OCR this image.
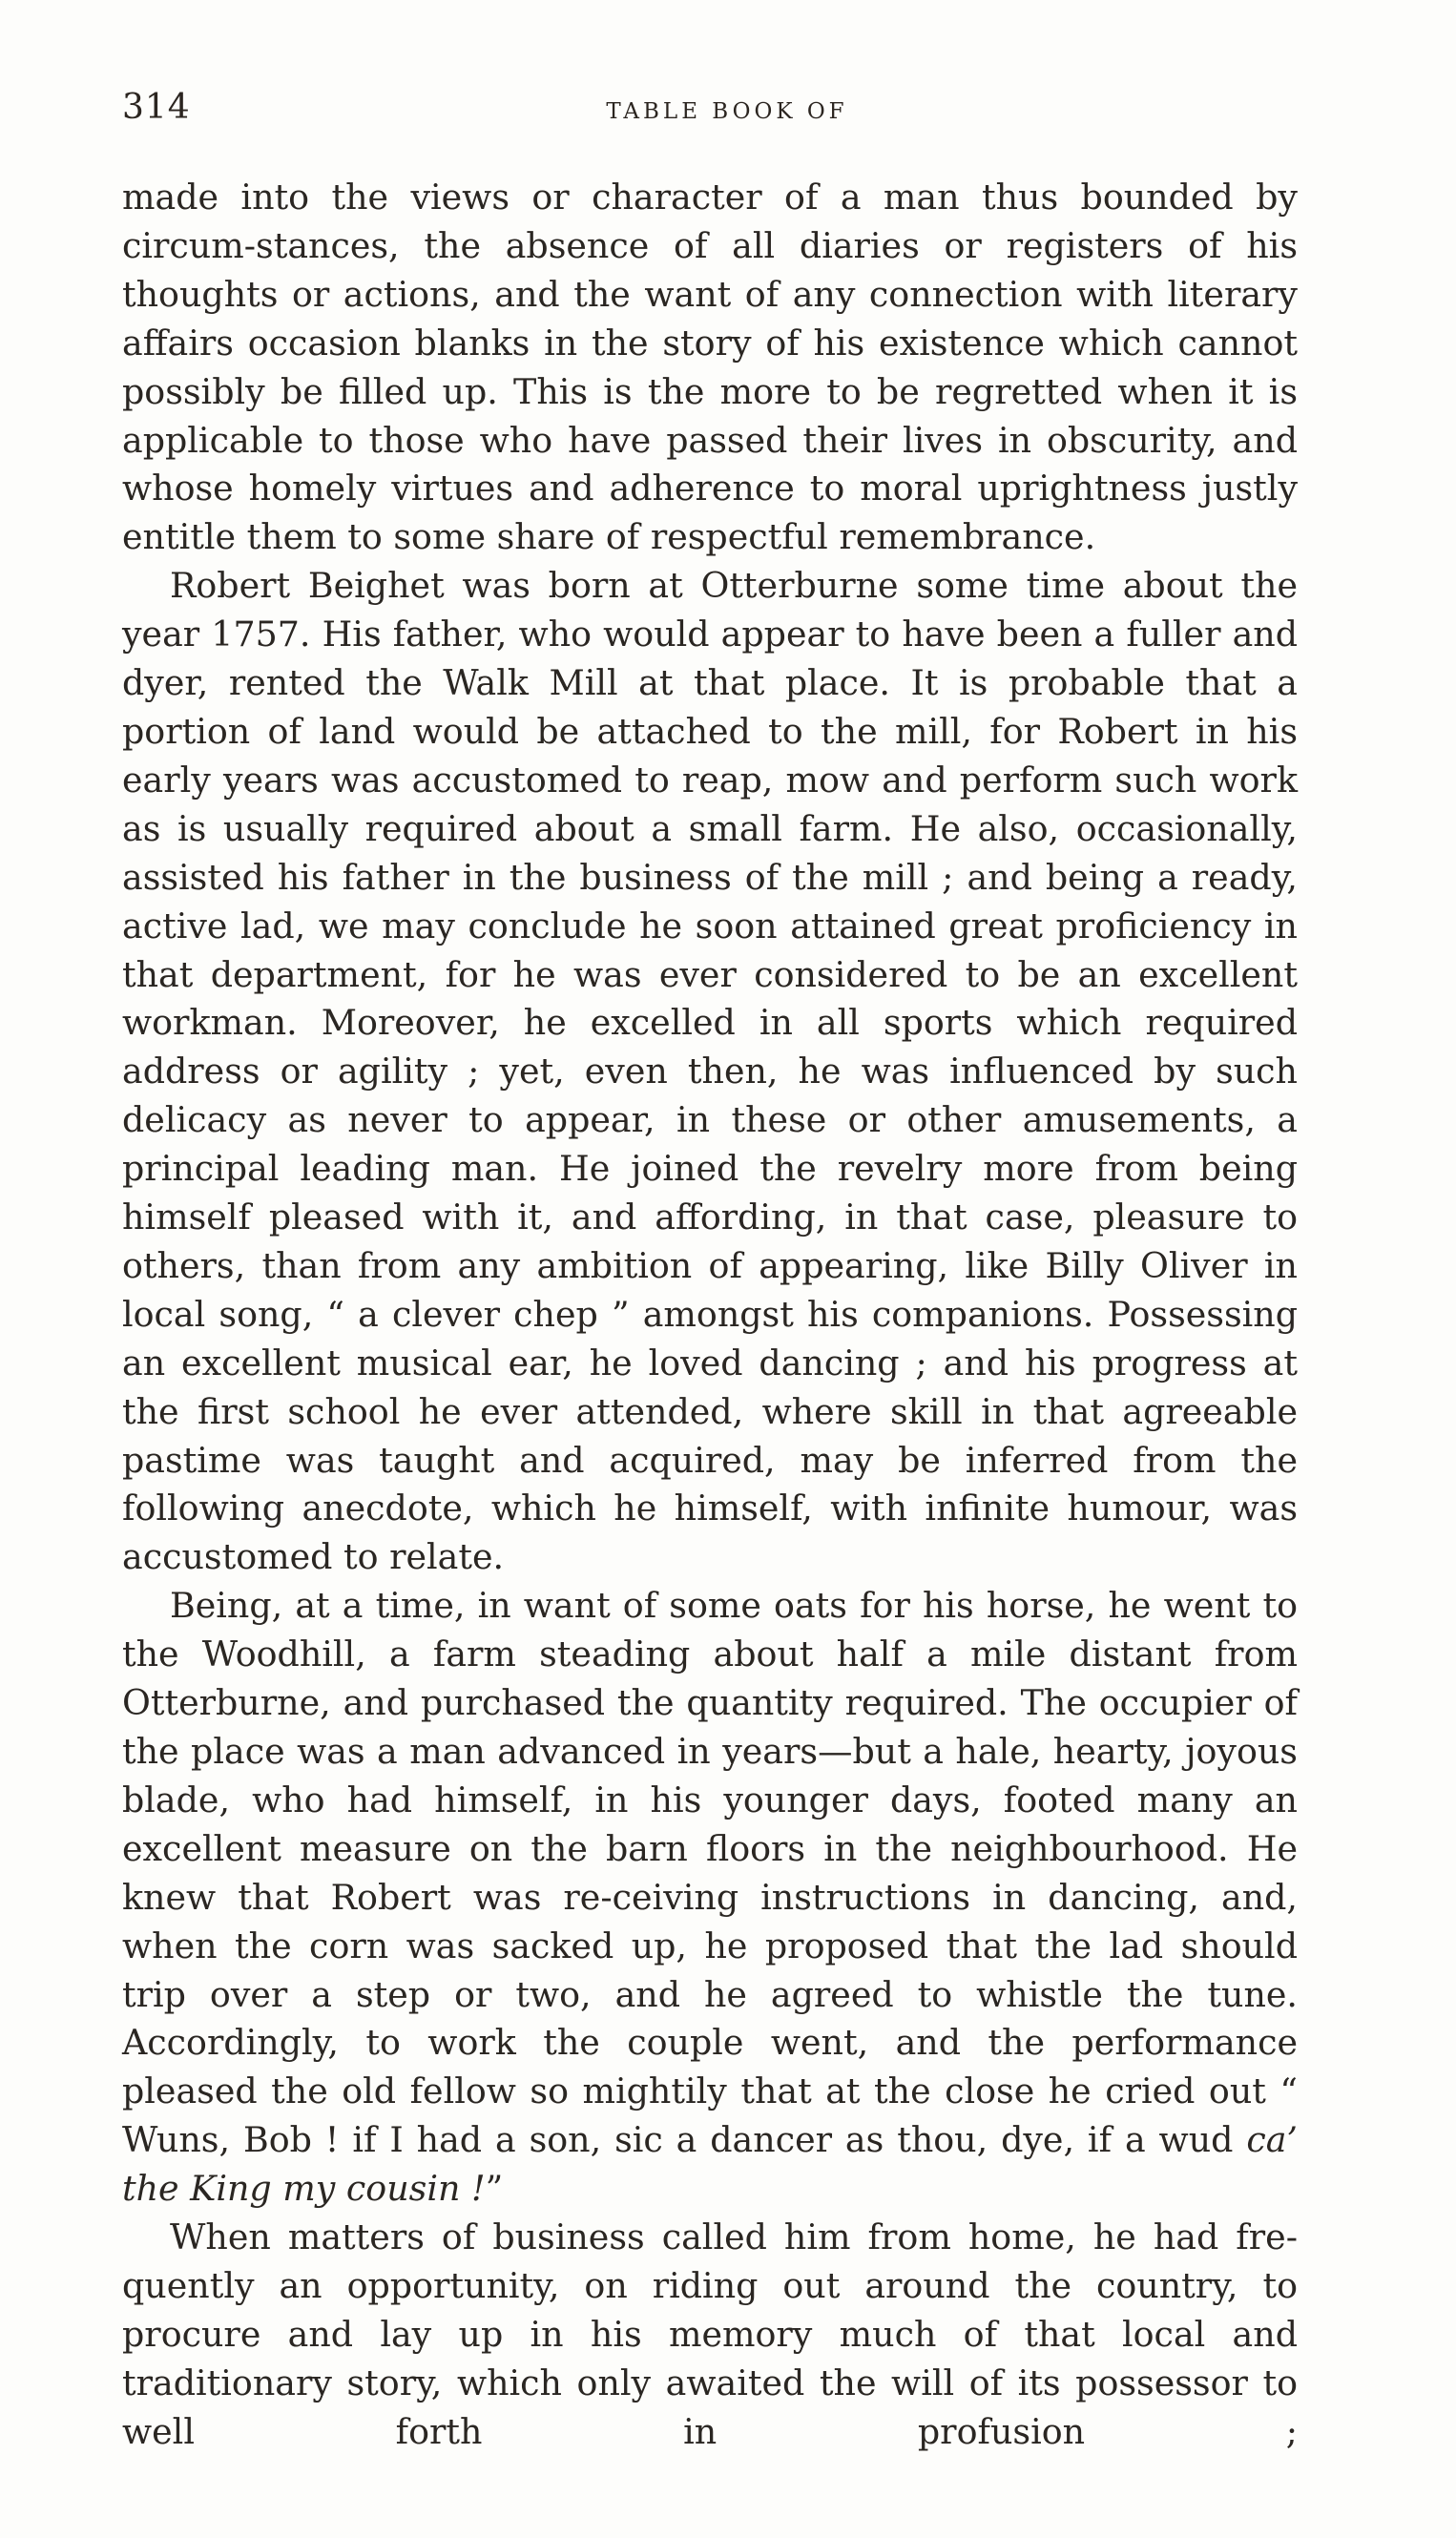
314	TABLE BOOK OF

made into the views or character of a man thus bounded by circum-stances, the absence of all diaries or registers of his thoughts or actions, and the want of any connection with literary affairs occasion blanks in the story of his existence which cannot possibly be filled up. This is the more to be regretted when it is applicable to those who have passed their lives in obscurity, and whose homely virtues and adherence to moral uprightness justly entitle them to some share of respectful remembrance.

Robert Beighet was born at Otterburne some time about the year 1757. His father, who would appear to have been a fuller and dyer, rented the Walk Mill at that place. It is probable that a portion of land would be attached to the mill, for Robert in his early years was accustomed to reap, mow and perform such work as is usually required about a small farm. He also, occasionally, assisted his father in the business of the mill ; and being a ready, active lad, we may conclude he soon attained great proficiency in that department, for he was ever considered to be an excellent workman. Moreover, he excelled in all sports which required address or agility ; yet, even then, he was influenced by such delicacy as never to appear, in these or other amusements, a principal leading man. He joined the revelry more from being himself pleased with it, and affording, in that case, pleasure to others, than from any ambition of appearing, like Billy Oliver in local song, “ a clever chep ” amongst his companions. Possessing an excellent musical ear, he loved dancing ; and his progress at the first school he ever attended, where skill in that agreeable pastime was taught and acquired, may be inferred from the following anecdote, which he himself, with infinite humour, was accustomed to relate.

Being, at a time, in want of some oats for his horse, he went to the Woodhill, a farm steading about half a mile distant from Otterburne, and purchased the quantity required. The occupier of the place was a man advanced in years—but a hale, hearty, joyous blade, who had himself, in his younger days, footed many an excellent measure on the barn floors in the neighbourhood. He knew that Robert was re-ceiving instructions in dancing, and, when the corn was sacked up, he proposed that the lad should trip over a step or two, and he agreed to whistle the tune. Accordingly, to work the couple went, and the performance pleased the old fellow so mightily that at the close he cried out “ Wuns, Bob ! if I had a son, sic a dancer as thou, dye, if a wud ca’ the King my cousin !”

When matters of business called him from home, he had fre-quently an opportunity, on riding out around the country, to procure and lay up in his memory much of that local and traditionary story, which only awaited the will of its possessor to well forth in profusion ;
